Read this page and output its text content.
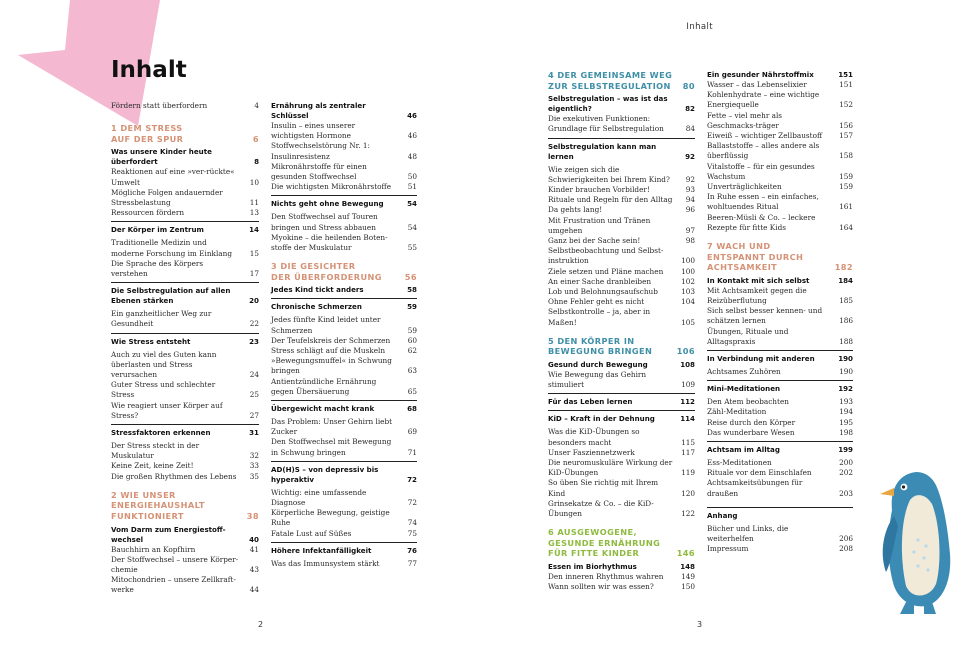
Inhalt
Fördern statt überfordern	4
1 DEM STRESS
AUF DER SPUR	6
Was unsere Kinder heute überfordert	8
Reaktionen auf eine »ver-rückte« Umwelt	10
Mögliche Folgen andauernder Stressbelastung	11
Ressourcen fördern	13
Der Körper im Zentrum	14
Traditionelle Medizin und moderne Forschung im Einklang	15
Die Sprache des Körpers verstehen	17
Die Selbstregulation auf allen Ebenen stärken	20
Ein ganzheitlicher Weg zur Gesundheit	22
Wie Stress entsteht	23
Auch zu viel des Guten kann überlasten und Stress verursachen	24
Guter Stress und schlechter Stress	25
Wie reagiert unser Körper auf Stress?	27
Stressfaktoren erkennen	31
Der Stress steckt in der Muskulatur	32
Keine Zeit, keine Zeit!	33
Die großen Rhythmen des Lebens	35
2 WIE UNSER
ENERGIEHAUSHALT
FUNKTIONIERT	38
Vom Darm zum Energiestoff-wechsel	40
Bauchhirn an Kopfhirn	41
Der Stoffwechsel – unsere Körper-chemie	43
Mitochondrien – unsere Zellkraft-werke	44
Ernährung als zentraler Schlüssel	46
Insulin – eines unserer wichtigsten Hormone	46
Stoffwechselstörung Nr. 1: Insulinresistenz	48
Mikronährstoffe für einen gesunden Stoffwechsel	50
Die wichtigsten Mikronährstoffe	51
Nichts geht ohne Bewegung	54
Den Stoffwechsel auf Touren bringen und Stress abbauen	54
Myokine – die heilenden Boten-stoffe der Muskulatur	55
3 DIE GESICHTER
DER ÜBERFORDERUNG	56
Jedes Kind tickt anders	58
Chronische Schmerzen	59
Jedes fünfte Kind leidet unter Schmerzen	59
Der Teufelskreis der Schmerzen	60
Stress schlägt auf die Muskeln	62
»Bewegungsmuffel« in Schwung bringen	63
Antientzündliche Ernährung gegen Übersäuerung	65
Übergewicht macht krank	68
Das Problem: Unser Gehirn liebt Zucker	69
Den Stoffwechsel mit Bewegung in Schwung bringen	71
AD(H)S – von depressiv bis hyperaktiv	72
Wichtig: eine umfassende Diagnose	72
Körperliche Bewegung, geistige Ruhe	74
Fatale Lust auf Süßes	75
Höhere Infektanfälligkeit	76
Was das Immunsystem stärkt	77
2
4 DER GEMEINSAME WEG
ZUR SELBSTREGULATION	80
Selbstregulation – was ist das eigentlich?	82
Die exekutiven Funktionen: Grundlage für Selbstregulation	84
Selbstregulation kann man lernen	92
Wie zeigen sich die Schwierigkeiten bei Ihrem Kind?	92
Kinder brauchen Vorbilder!	93
Rituale und Regeln für den Alltag	94
Da gehts lang!	96
Mit Frustration und Tränen umgehen	97
Ganz bei der Sache sein!	98
Selbstbeobachtung und Selbst-instruktion	100
Ziele setzen und Pläne machen	100
An einer Sache dranbleiben	102
Lob und Belohnungsaufschub	103
Ohne Fehler geht es nicht	104
Selbstkontrolle – ja, aber in Maßen!	105
5 DEN KÖRPER IN
BEWEGUNG BRINGEN	106
Gesund durch Bewegung	108
Wie Bewegung das Gehirn stimuliert	109
Für das Leben lernen	112
KiD – Kraft in der Dehnung	114
Was die KiD-Übungen so besonders macht	115
Unser Fasziennetzwerk	117
Die neuromuskuläre Wirkung der KiD-Übungen	119
So üben Sie richtig mit Ihrem Kind	120
Grinsekatze & Co. – die KiD-Übungen	122
6 AUSGEWOGENE,
GESUNDE ERNÄHRUNG
FÜR FITTE KINDER	146
Essen im Biorhythmus	148
Den inneren Rhythmus wahren	149
Wann sollten wir was essen?	150
Ein gesunder Nährstoffmix	151
Wasser – das Lebenselixier	151
Kohlenhydrate – eine wichtige Energiequelle	152
Fette – viel mehr als Geschmacks-träger	156
Eiweiß – wichtiger Zellbaustoff	157
Ballaststoffe – alles andere als überflüssig	158
Vitalstoffe – für ein gesundes Wachstum	159
Unverträglichkeiten	159
In Ruhe essen – ein einfaches, wohltuendes Ritual	161
Beeren-Müsli & Co. – leckere Rezepte für fitte Kids	164
7 WACH UND
ENTSPANNT DURCH
ACHTSAMKEIT	182
In Kontakt mit sich selbst	184
Mit Achtsamkeit gegen die Reizüberflutung	185
Sich selbst besser kennen- und schätzen lernen	186
Übungen, Rituale und Alltagspraxis	188
In Verbindung mit anderen	190
Achtsames Zuhören	190
Mini-Meditationen	192
Den Atem beobachten	193
Zähl-Meditation	194
Reise durch den Körper	195
Das wunderbare Wesen	198
Achtsam im Alltag	199
Ess-Meditationen	200
Rituale vor dem Einschlafen	202
Achtsamkeitsübungen für draußen	203
Anhang
Bücher und Links, die weiterhelfen	206
Impressum	208
3
Inhalt
